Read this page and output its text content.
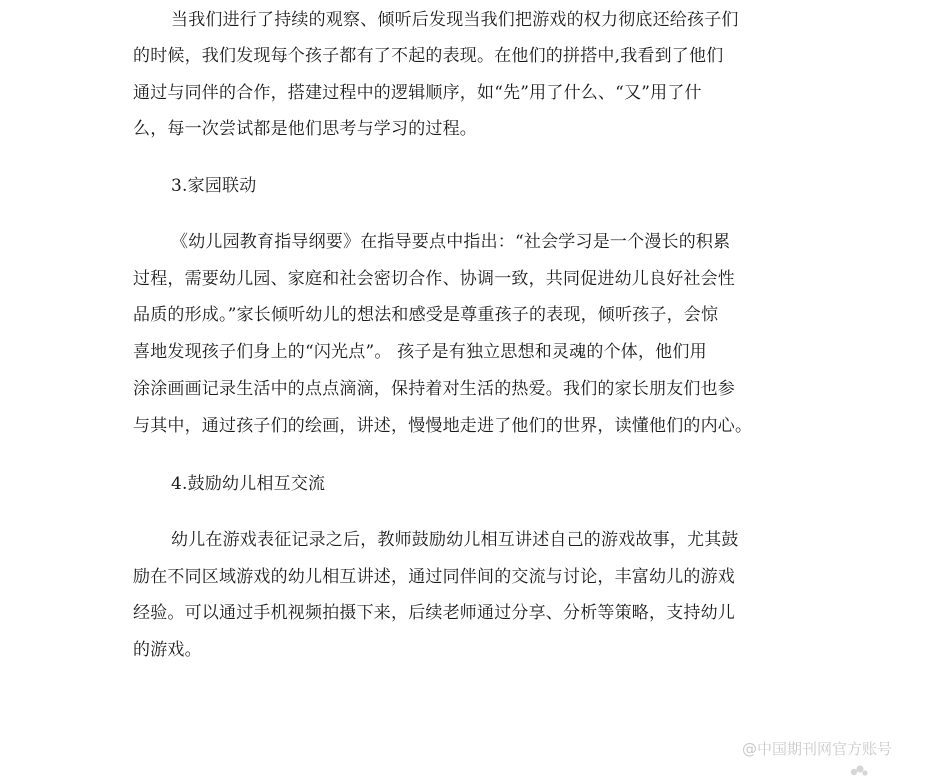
当我们进行了持续的观察、倾听后发现当我们把游戏的权力彻底还给孩子们
的时候，我们发现每个孩子都有了不起的表现。在他们的拼搭中,我看到了他们
通过与同伴的合作，搭建过程中的逻辑顺序，如“先”用了什么、“又”用了什
么，每一次尝试都是他们思考与学习的过程。
3.家园联动
《幼儿园教育指导纲要》在指导要点中指出：“社会学习是一个漫长的积累
过程，需要幼儿园、家庭和社会密切合作、协调一致，共同促进幼儿良好社会性
品质的形成。”家长倾听幼儿的想法和感受是尊重孩子的表现，倾听孩子，会惊
喜地发现孩子们身上的“闪光点”。 孩子是有独立思想和灵魂的个体，他们用
涂涂画画记录生活中的点点滴滴，保持着对生活的热爱。我们的家长朋友们也参
与其中，通过孩子们的绘画，讲述，慢慢地走进了他们的世界，读懂他们的内心。
4.鼓励幼儿相互交流
幼儿在游戏表征记录之后，教师鼓励幼儿相互讲述自己的游戏故事，尤其鼓
励在不同区域游戏的幼儿相互讲述，通过同伴间的交流与讨论，丰富幼儿的游戏
经验。可以通过手机视频拍摄下来，后续老师通过分享、分析等策略，支持幼儿
的游戏。
@中国期刊网官方账号
